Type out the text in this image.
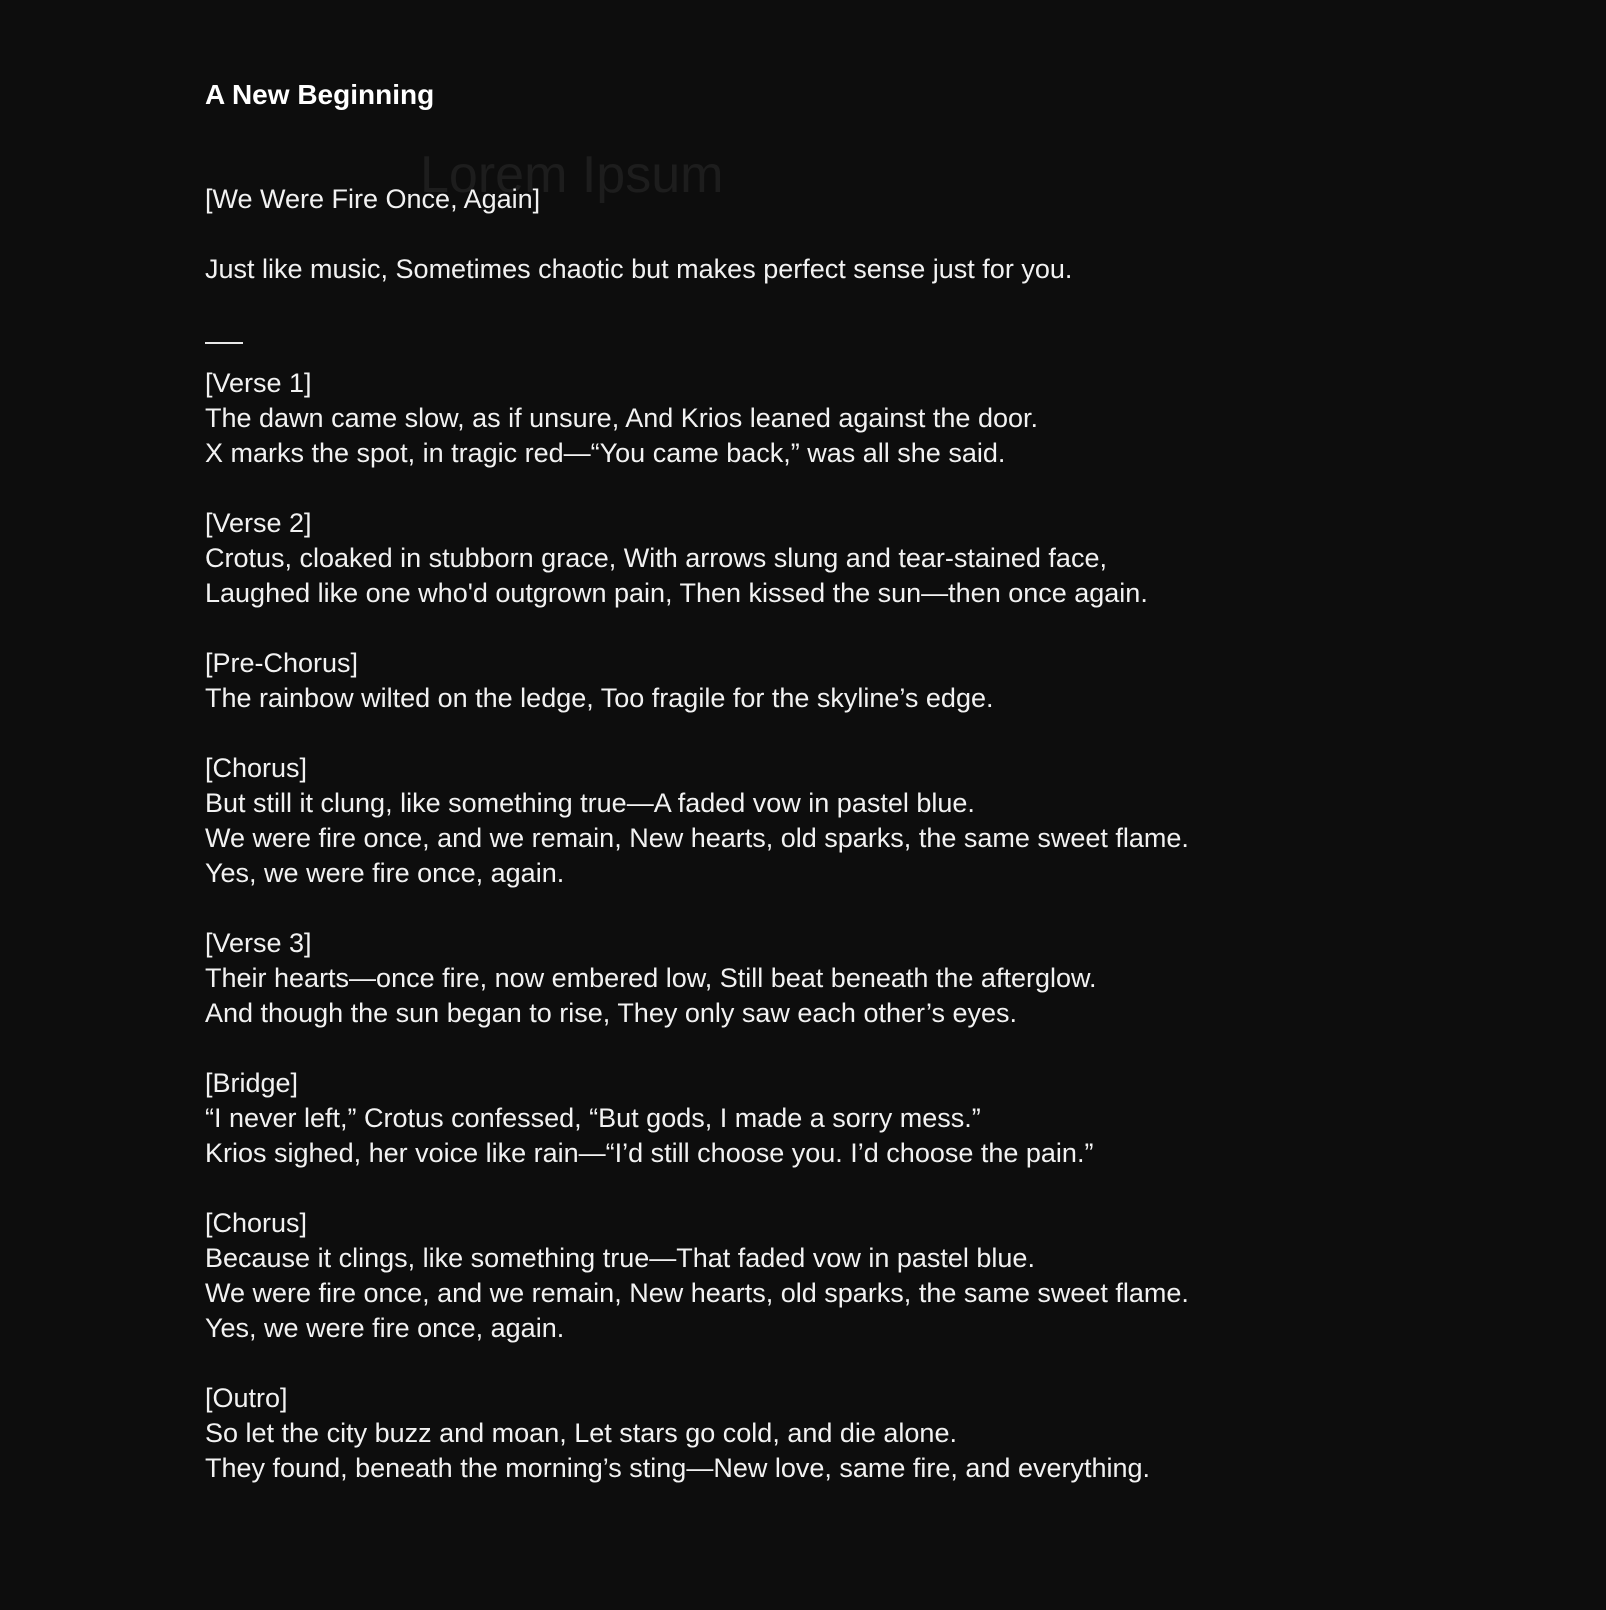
A New Beginning
Lorem Ipsum
[We Were Fire Once, Again]
Just like music, Sometimes chaotic but makes perfect sense just for you.
[Verse 1]
The dawn came slow, as if unsure, And Krios leaned against the door.
X marks the spot, in tragic red—“You came back,” was all she said.
[Verse 2]
Crotus, cloaked in stubborn grace, With arrows slung and tear-stained face,
Laughed like one who'd outgrown pain, Then kissed the sun—then once again.
[Pre-Chorus]
The rainbow wilted on the ledge, Too fragile for the skyline’s edge.
[Chorus]
But still it clung, like something true—A faded vow in pastel blue.
We were fire once, and we remain, New hearts, old sparks, the same sweet flame.
Yes, we were fire once, again.
[Verse 3]
Their hearts—once fire, now embered low, Still beat beneath the afterglow.
And though the sun began to rise, They only saw each other’s eyes.
[Bridge]
“I never left,” Crotus confessed, “But gods, I made a sorry mess.”
Krios sighed, her voice like rain—“I’d still choose you. I’d choose the pain.”
[Chorus]
Because it clings, like something true—That faded vow in pastel blue.
We were fire once, and we remain, New hearts, old sparks, the same sweet flame.
Yes, we were fire once, again.
[Outro]
So let the city buzz and moan, Let stars go cold, and die alone.
They found, beneath the morning’s sting—New love, same fire, and everything.
